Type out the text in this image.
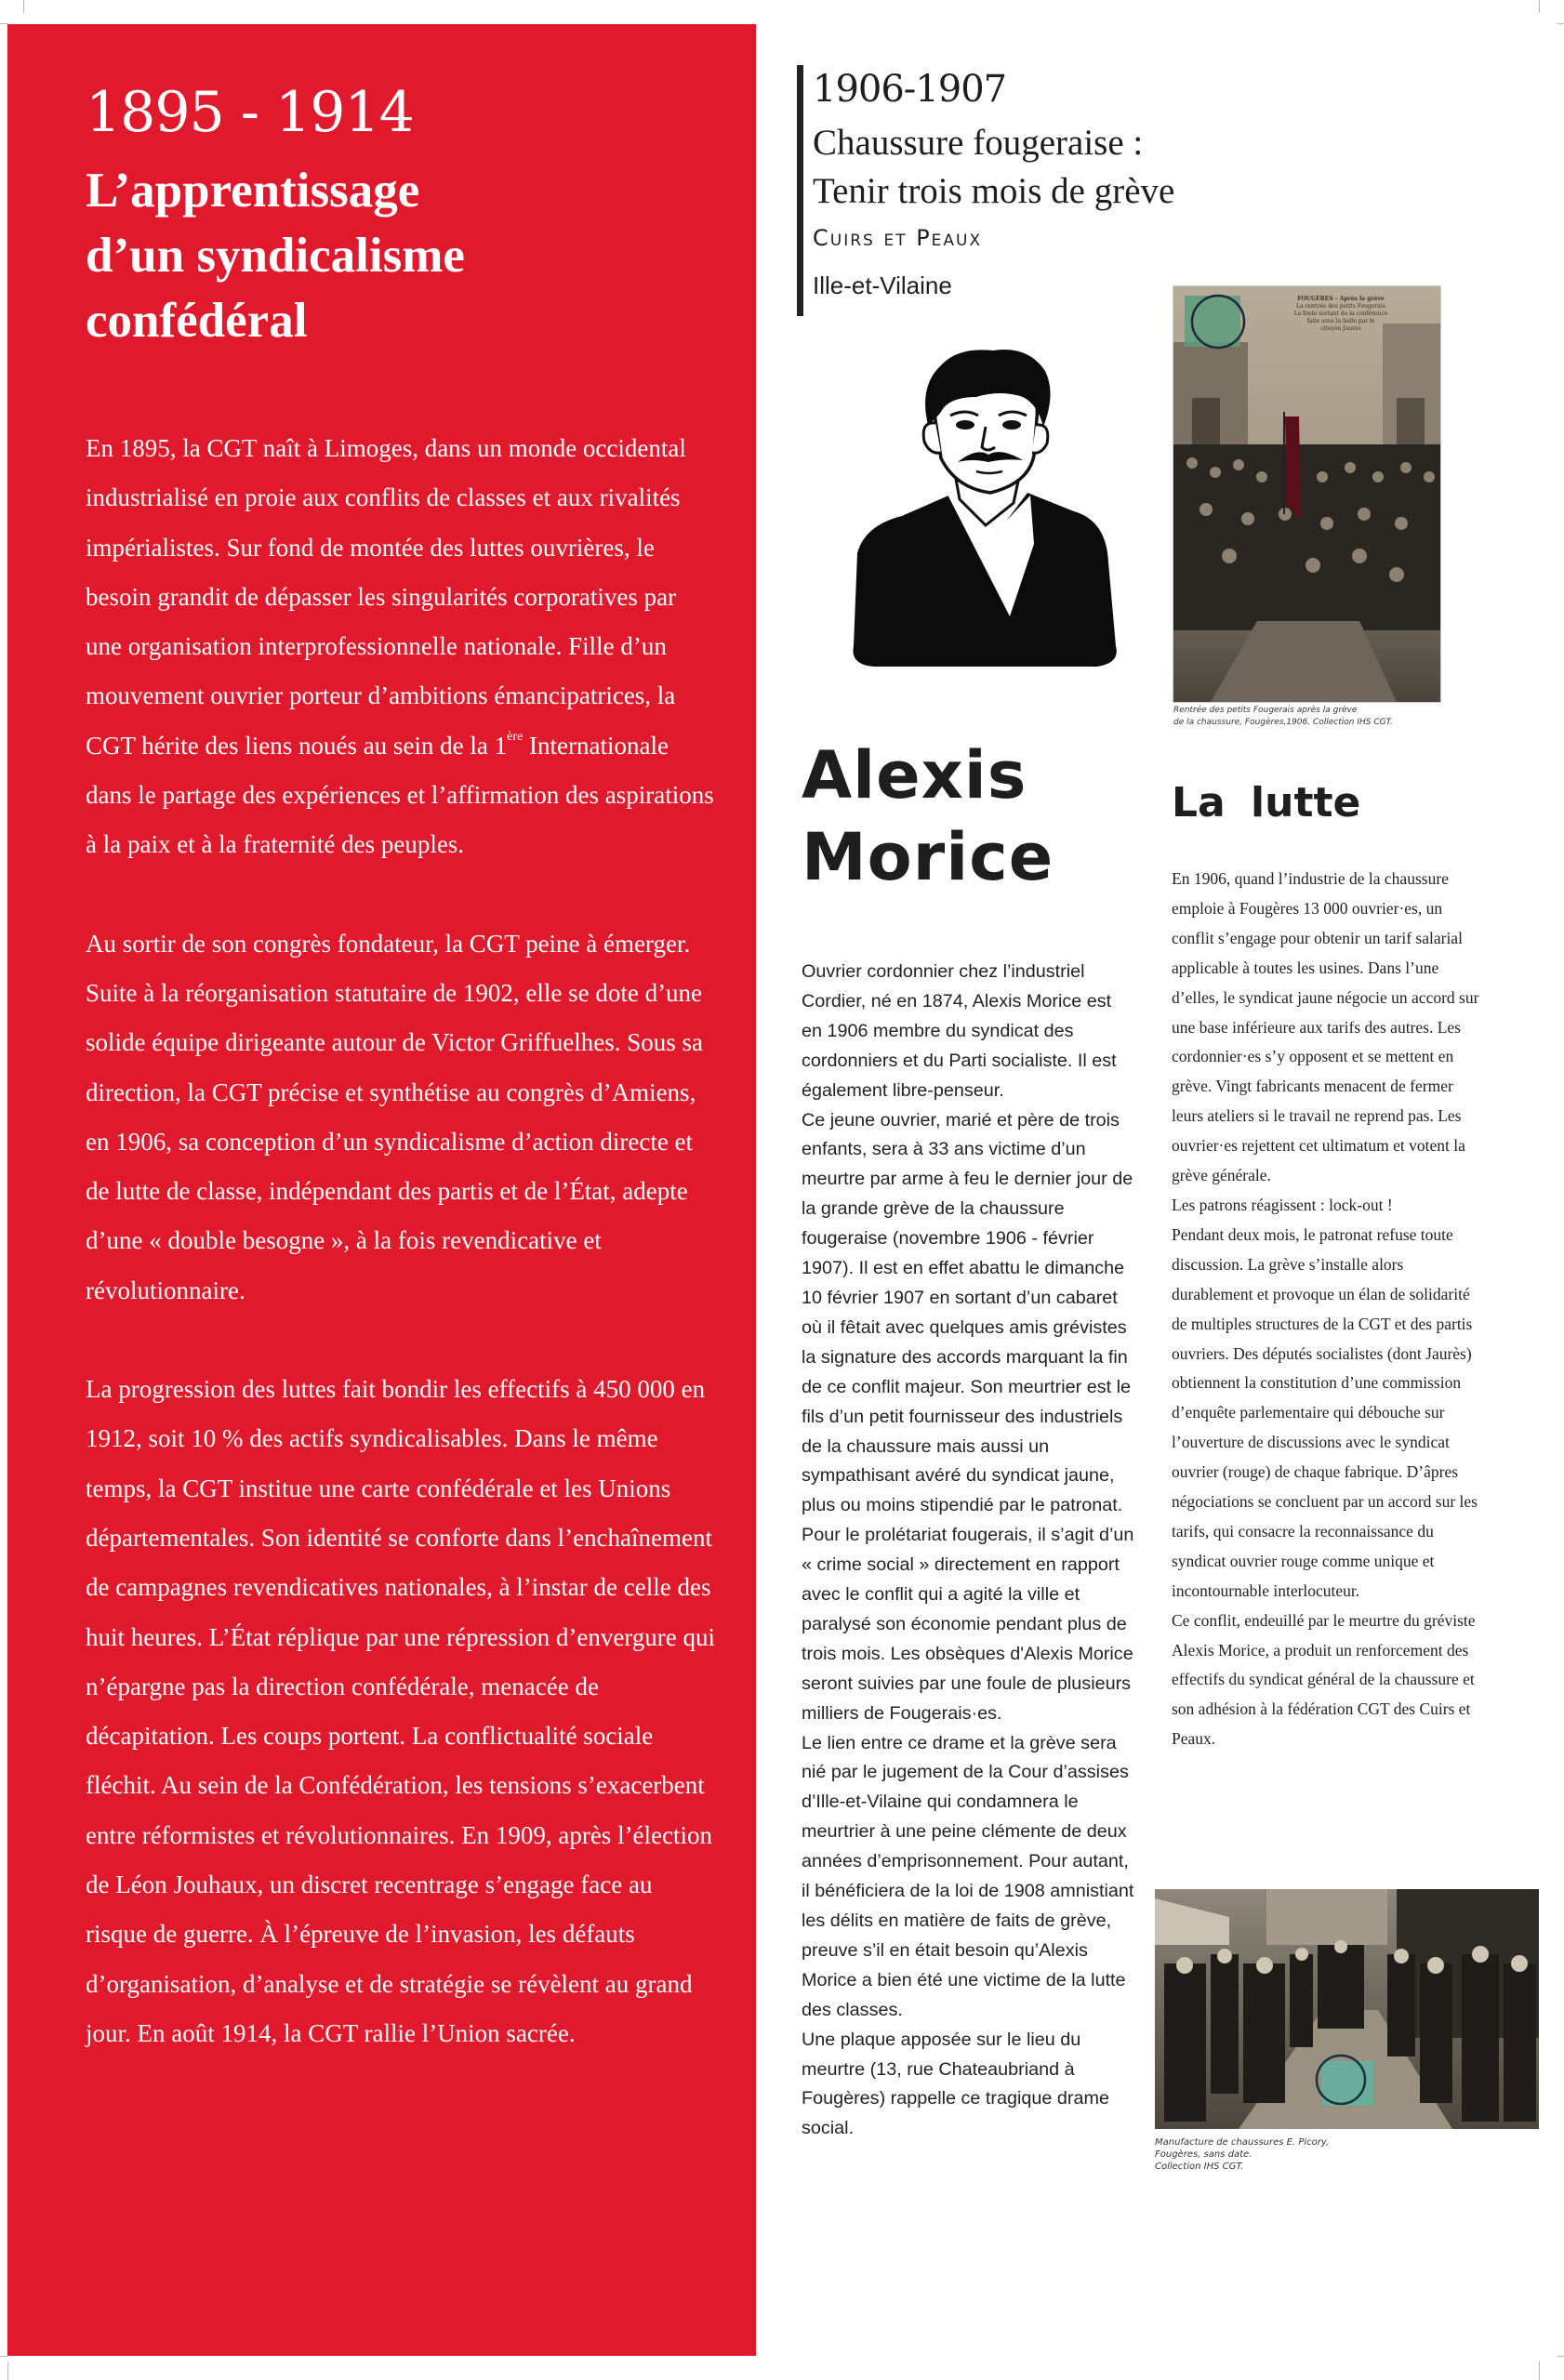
1895 - 1914
L’apprentissage
d’un syndicalisme
confédéral

En 1895, la CGT naît à Limoges, dans un monde occidental industrialisé en proie aux conflits de classes et aux rivalités impérialistes. Sur fond de montée des luttes ouvrières, le besoin grandit de dépasser les singularités corporatives par une organisation interprofessionnelle nationale. Fille d’un mouvement ouvrier porteur d’ambitions émancipatrices, la CGT hérite des liens noués au sein de la 1ère Internationale dans le partage des expériences et l’affirmation des aspirations à la paix et à la fraternité des peuples.

Au sortir de son congrès fondateur, la CGT peine à émerger. Suite à la réorganisation statutaire de 1902, elle se dote d’une solide équipe dirigeante autour de Victor Griffuelhes. Sous sa direction, la CGT précise et synthétise au congrès d’Amiens, en 1906, sa conception d’un syndicalisme d’action directe et de lutte de classe, indépendant des partis et de l’État, adepte d’une « double besogne », à la fois revendicative et révolutionnaire.

La progression des luttes fait bondir les effectifs à 450 000 en 1912, soit 10 % des actifs syndicalisables. Dans le même temps, la CGT institue une carte confédérale et les Unions départementales. Son identité se conforte dans l’enchaînement de campagnes revendicatives nationales, à l’instar de celle des huit heures. L’État réplique par une répression d’envergure qui n’épargne pas la direction confédérale, menacée de décapitation. Les coups portent. La conflictualité sociale fléchit. Au sein de la Confédération, les tensions s’exacerbent entre réformistes et révolutionnaires. En 1909, après l’élection de Léon Jouhaux, un discret recentrage s’engage face au risque de guerre. À l’épreuve de l’invasion, les défauts d’organisation, d’analyse et de stratégie se révèlent au grand jour. En août 1914, la CGT rallie l’Union sacrée.

1906-1907
Chaussure fougeraise :
Tenir trois mois de grève
Cuirs et Peaux
Ille-et-Vilaine
Alexis
Morice

Ouvrier cordonnier chez l’industriel Cordier, né en 1874, Alexis Morice est en 1906 membre du syndicat des cordonniers et du Parti socialiste. Il est également libre-penseur.

Ce jeune ouvrier, marié et père de trois enfants, sera à 33 ans victime d’un meurtre par arme à feu le dernier jour de la grande grève de la chaussure fougeraise (novembre 1906 - février 1907). Il est en effet abattu le dimanche 10 février 1907 en sortant d’un cabaret où il fêtait avec quelques amis grévistes la signature des accords marquant la fin de ce conflit majeur. Son meurtrier est le fils d’un petit fournisseur des industriels de la chaussure mais aussi un sympathisant avéré du syndicat jaune, plus ou moins stipendié par le patronat.

Pour le prolétariat fougerais, il s’agit d’un « crime social » directement en rapport avec le conflit qui a agité la ville et paralysé son économie pendant plus de trois mois. Les obsèques d'Alexis Morice seront suivies par une foule de plusieurs milliers de Fougerais·es.

Le lien entre ce drame et la grève sera nié par le jugement de la Cour d’assises d’Ille-et-Vilaine qui condamnera le meurtrier à une peine clémente de deux années d’emprisonnement. Pour autant, il bénéficiera de la loi de 1908 amnistiant les délits en matière de faits de grève, preuve s’il en était besoin qu’Alexis Morice a bien été une victime de la lutte des classes.

Une plaque apposée sur le lieu du meurtre (13, rue Chateaubriand à Fougères) rappelle ce tragique drame social.

FOUGÈRES – Après la grève
La rentrée des petits Fougerais
La foule sortant de la conférence
faite sous la halle par le
citoyen Jaurès
Rentrée des petits Fougerais après la grève
de la chaussure, Fougères,1906. Collection IHS CGT.
La lutte

En 1906, quand l’industrie de la chaussure emploie à Fougères 13 000 ouvrier·es, un conflit s’engage pour obtenir un tarif salarial applicable à toutes les usines. Dans l’une d’elles, le syndicat jaune négocie un accord sur une base inférieure aux tarifs des autres. Les cordonnier·es s’y opposent et se mettent en grève. Vingt fabricants menacent de fermer leurs ateliers si le travail ne reprend pas. Les ouvrier·es rejettent cet ultimatum et votent la grève générale.

Les patrons réagissent : lock-out !

Pendant deux mois, le patronat refuse toute discussion. La grève s’installe alors durablement et provoque un élan de solidarité de multiples structures de la CGT et des partis ouvriers. Des députés socialistes (dont Jaurès) obtiennent la constitution d’une commission d’enquête parlementaire qui débouche sur l’ouverture de discussions avec le syndicat ouvrier (rouge) de chaque fabrique. D’âpres négociations se concluent par un accord sur les tarifs, qui consacre la reconnaissance du syndicat ouvrier rouge comme unique et incontournable interlocuteur.

Ce conflit, endeuillé par le meurtre du gréviste Alexis Morice, a produit un renforcement des effectifs du syndicat général de la chaussure et son adhésion à la fédération CGT des Cuirs et Peaux.

Manufacture de chaussures E. Picory,
Fougères, sans date.
Collection IHS CGT.
